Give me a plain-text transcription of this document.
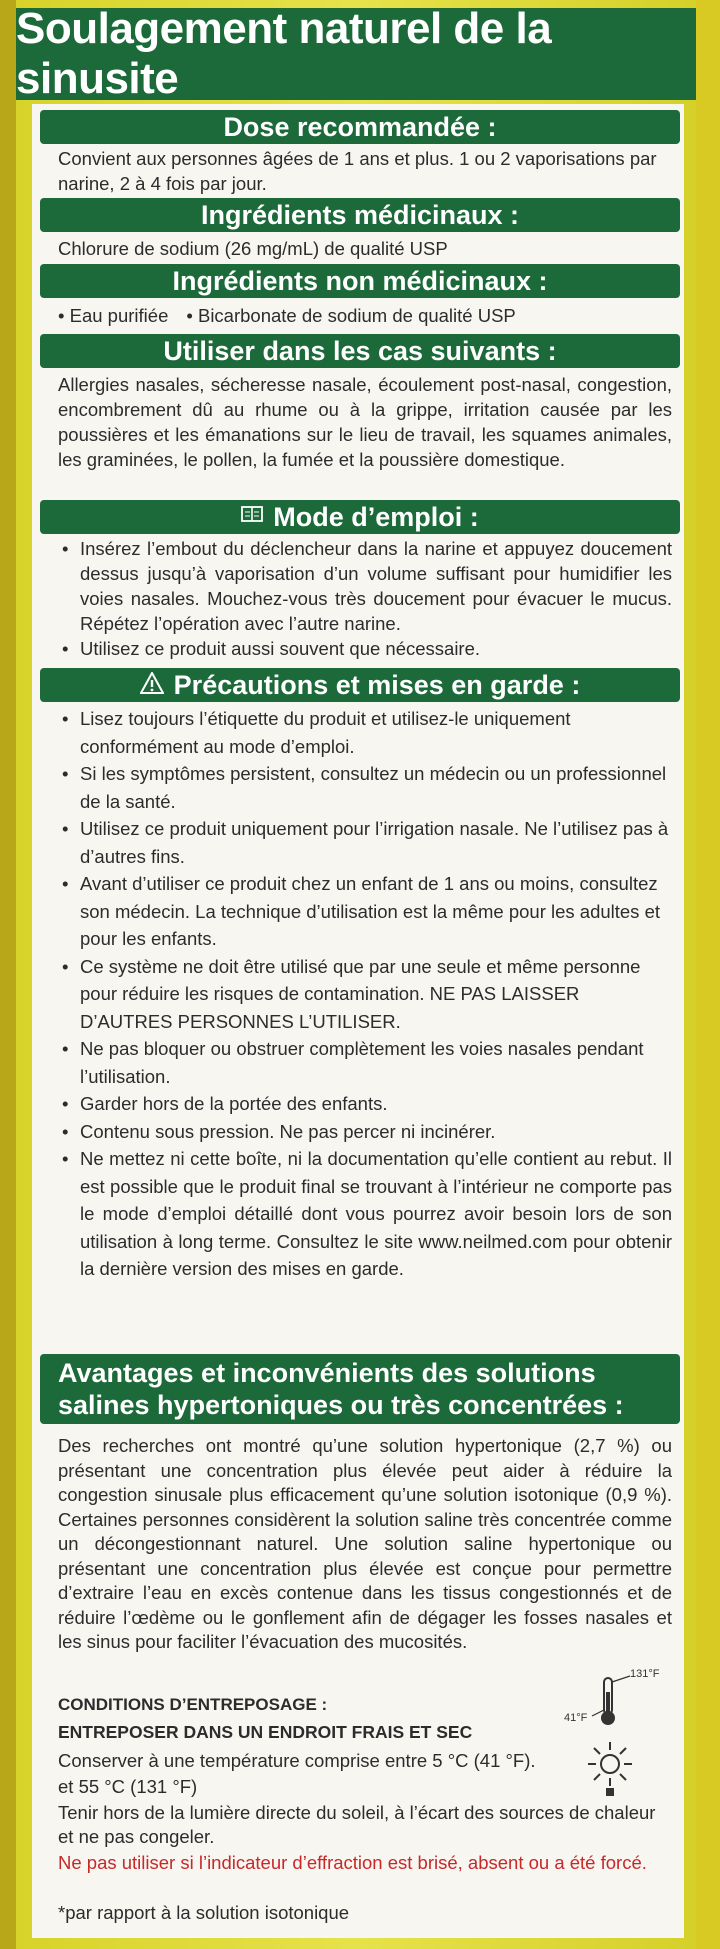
Soulagement naturel de la sinusite
Dose recommandée :
Convient aux personnes âgées de 1 ans et plus. 1 ou 2 vaporisations par narine, 2 à 4 fois par jour.
Ingrédients médicinaux :
Chlorure de sodium (26 mg/mL) de qualité USP
Ingrédients non médicinaux :
• Eau purifiée • Bicarbonate de sodium de qualité USP
Utiliser dans les cas suivants :
Allergies nasales, sécheresse nasale, écoulement post-nasal, congestion, encombrement dû au rhume ou à la grippe, irritation causée par les poussières et les émanations sur le lieu de travail, les squames animales, les graminées, le pollen, la fumée et la poussière domestique.
Mode d’emploi :
• Insérez l’embout du déclencheur dans la narine et appuyez doucement dessus jusqu’à vaporisation d’un volume suffisant pour humidifier les voies nasales. Mouchez-vous très doucement pour évacuer le mucus. Répétez l’opération avec l’autre narine.
• Utilisez ce produit aussi souvent que nécessaire.
Précautions et mises en garde :
• Lisez toujours l’étiquette du produit et utilisez-le uniquement conformément au mode d’emploi.
• Si les symptômes persistent, consultez un médecin ou un professionnel de la santé.
• Utilisez ce produit uniquement pour l’irrigation nasale. Ne l’utilisez pas à d’autres fins.
• Avant d’utiliser ce produit chez un enfant de 1 ans ou moins, consultez son médecin. La technique d’utilisation est la même pour les adultes et pour les enfants.
• Ce système ne doit être utilisé que par une seule et même personne pour réduire les risques de contamination. NE PAS LAISSER D’AUTRES PERSONNES L’UTILISER.
• Ne pas bloquer ou obstruer complètement les voies nasales pendant l’utilisation.
• Garder hors de la portée des enfants.
• Contenu sous pression. Ne pas percer ni incinérer.
• Ne mettez ni cette boîte, ni la documentation qu’elle contient au rebut. Il est possible que le produit final se trouvant à l’intérieur ne comporte pas le mode d’emploi détaillé dont vous pourrez avoir besoin lors de son utilisation à long terme. Consultez le site www.neilmed.com pour obtenir la dernière version des mises en garde.
Avantages et inconvénients des solutions
salines hypertoniques ou très concentrées :
Des recherches ont montré qu’une solution hypertonique (2,7 %) ou présentant une concentration plus élevée peut aider à réduire la congestion sinusale plus efficacement qu’une solution isotonique (0,9 %). Certaines personnes considèrent la solution saline très concentrée comme un décongestionnant naturel. Une solution saline hypertonique ou présentant une concentration plus élevée est conçue pour permettre d’extraire l’eau en excès contenue dans les tissus congestionnés et de réduire l’œdème ou le gonflement afin de dégager les fosses nasales et les sinus pour faciliter l’évacuation des mucosités.
CONDITIONS D’ENTREPOSAGE :
ENTREPOSER DANS UN ENDROIT FRAIS ET SEC
Conserver à une température comprise entre 5 °C (41 °F).
et 55 °C (131 °F)
Tenir hors de la lumière directe du soleil, à l’écart des sources de chaleur et ne pas congeler.
Ne pas utiliser si l’indicateur d’effraction est brisé, absent ou a été forcé.
*par rapport à la solution isotonique
131°F
41°F
